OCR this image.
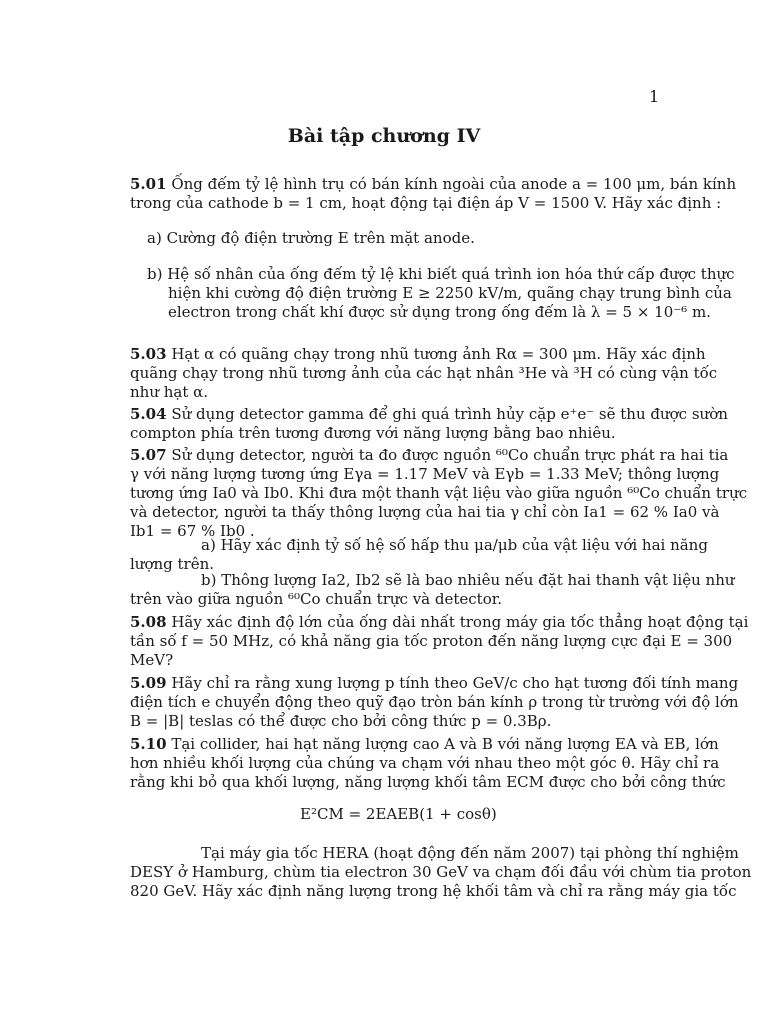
1
Bài tập chương IV
5.01 Ống đếm tỷ lệ hình trụ có bán kính ngoài của anode a = 100 μm, bán kính
trong của cathode b = 1 cm, hoạt động tại điện áp V = 1500 V. Hãy xác định :
a) Cường độ điện trường E trên mặt anode.
b) Hệ số nhân của ống đếm tỷ lệ khi biết quá trình ion hóa thứ cấp được thực
hiện khi cường độ điện trường E ≥ 2250 kV/m, quãng chạy trung bình của
electron trong chất khí được sử dụng trong ống đếm là λ = 5 × 10⁻⁶ m.
5.03 Hạt α có quãng chạy trong nhũ tương ảnh Rα = 300 μm. Hãy xác định
quãng chạy trong nhũ tương ảnh của các hạt nhân ³He và ³H có cùng vận tốc
như hạt α.
5.04 Sử dụng detector gamma để ghi quá trình hủy cặp e⁺e⁻ sẽ thu được sườn
compton phía trên tương đương với năng lượng bằng bao nhiêu.
5.07 Sử dụng detector, người ta đo được nguồn ⁶⁰Co chuẩn trực phát ra hai tia
γ với năng lượng tương ứng Eγa = 1.17 MeV và Eγb = 1.33 MeV; thông lượng
tương ứng Ia0 và Ib0. Khi đưa một thanh vật liệu vào giữa nguồn ⁶⁰Co chuẩn trực
và detector, người ta thấy thông lượng của hai tia γ chỉ còn Ia1 = 62 % Ia0 và
Ib1 = 67 % Ib0 .
a) Hãy xác định tỷ số hệ số hấp thu μa/μb của vật liệu với hai năng
lượng trên.
b) Thông lượng Ia2, Ib2 sẽ là bao nhiêu nếu đặt hai thanh vật liệu như
trên vào giữa nguồn ⁶⁰Co chuẩn trực và detector.
5.08 Hãy xác định độ lớn của ống dài nhất trong máy gia tốc thẳng hoạt động tại
tần số f = 50 MHz, có khả năng gia tốc proton đến năng lượng cực đại E = 300
MeV?
5.09 Hãy chỉ ra rằng xung lượng p tính theo GeV/c cho hạt tương đối tính mang
điện tích e chuyển động theo quỹ đạo tròn bán kính ρ trong từ trường với độ lớn
B = |B| teslas có thể được cho bởi công thức p = 0.3Bρ.
5.10 Tại collider, hai hạt năng lượng cao A và B với năng lượng EA và EB, lớn
hơn nhiều khối lượng của chúng va chạm với nhau theo một góc θ. Hãy chỉ ra
rằng khi bỏ qua khối lượng, năng lượng khối tâm ECM được cho bởi công thức
E²CM = 2EAEB(1 + cosθ)
Tại máy gia tốc HERA (hoạt động đến năm 2007) tại phòng thí nghiệm
DESY ở Hamburg, chùm tia electron 30 GeV va chạm đối đầu với chùm tia proton
820 GeV. Hãy xác định năng lượng trong hệ khối tâm và chỉ ra rằng máy gia tốc
